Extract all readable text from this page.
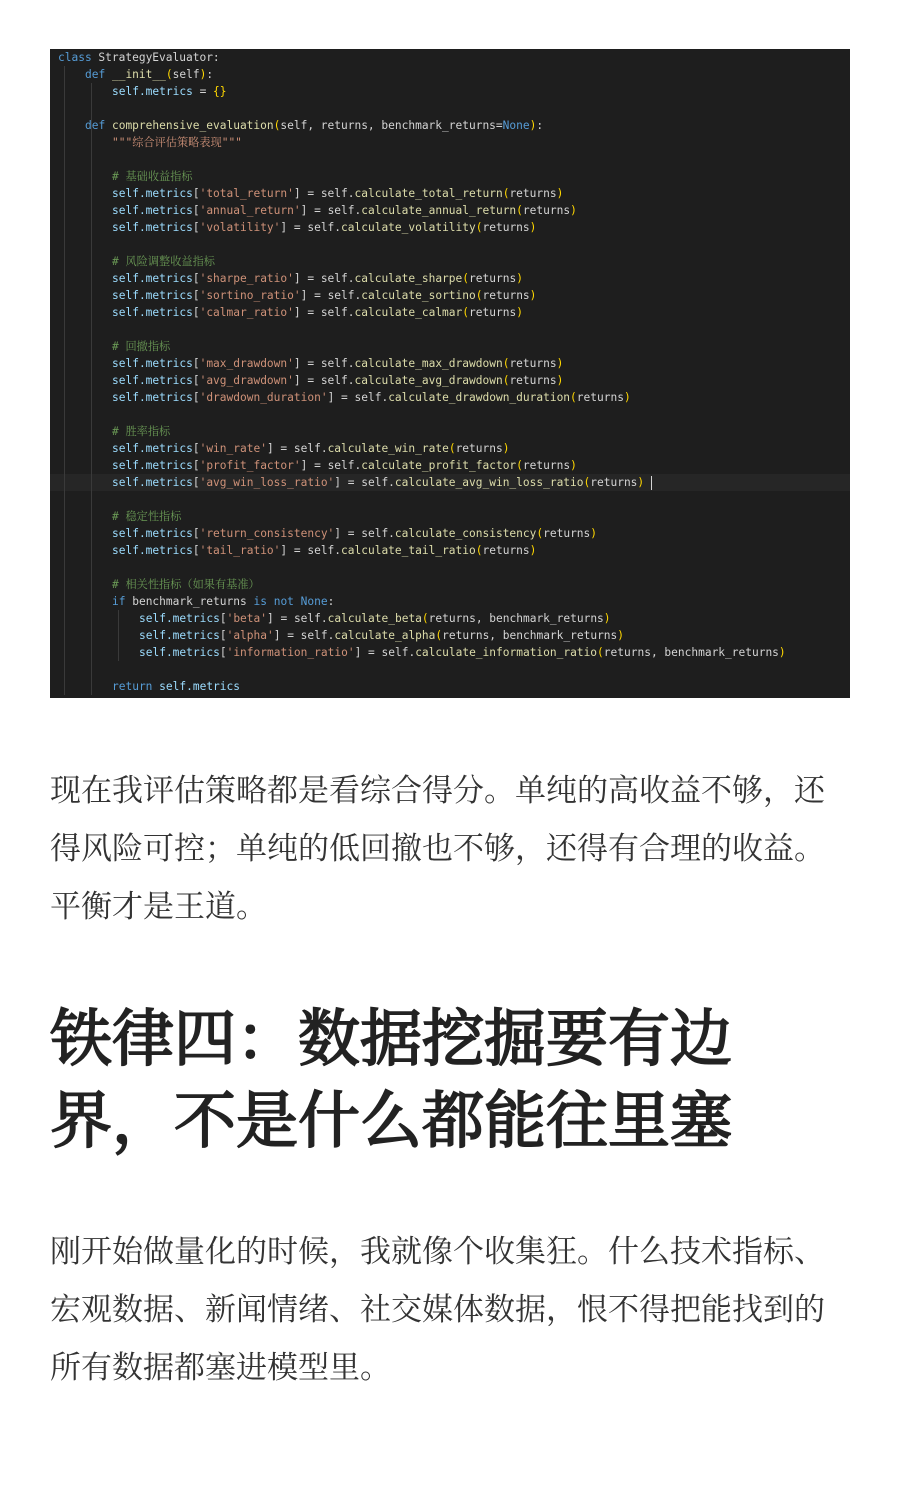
class StrategyEvaluator:
def __init__(self):
self.metrics = {}
def comprehensive_evaluation(self, returns, benchmark_returns=None):
"""综合评估策略表现"""
# 基础收益指标
self.metrics['total_return'] = self.calculate_total_return(returns)
self.metrics['annual_return'] = self.calculate_annual_return(returns)
self.metrics['volatility'] = self.calculate_volatility(returns)
# 风险调整收益指标
self.metrics['sharpe_ratio'] = self.calculate_sharpe(returns)
self.metrics['sortino_ratio'] = self.calculate_sortino(returns)
self.metrics['calmar_ratio'] = self.calculate_calmar(returns)
# 回撤指标
self.metrics['max_drawdown'] = self.calculate_max_drawdown(returns)
self.metrics['avg_drawdown'] = self.calculate_avg_drawdown(returns)
self.metrics['drawdown_duration'] = self.calculate_drawdown_duration(returns)
# 胜率指标
self.metrics['win_rate'] = self.calculate_win_rate(returns)
self.metrics['profit_factor'] = self.calculate_profit_factor(returns)
self.metrics['avg_win_loss_ratio'] = self.calculate_avg_win_loss_ratio(returns)
# 稳定性指标
self.metrics['return_consistency'] = self.calculate_consistency(returns)
self.metrics['tail_ratio'] = self.calculate_tail_ratio(returns)
# 相关性指标（如果有基准）
if benchmark_returns is not None:
self.metrics['beta'] = self.calculate_beta(returns, benchmark_returns)
self.metrics['alpha'] = self.calculate_alpha(returns, benchmark_returns)
self.metrics['information_ratio'] = self.calculate_information_ratio(returns, benchmark_returns)
return self.metrics

现在我评估策略都是看综合得分。单纯的高收益不够，还得风险可控；单纯的低回撤也不够，还得有合理的收益。平衡才是王道。

铁律四：数据挖掘要有边界，不是什么都能往里塞

刚开始做量化的时候，我就像个收集狂。什么技术指标、宏观数据、新闻情绪、社交媒体数据，恨不得把能找到的所有数据都塞进模型里。
